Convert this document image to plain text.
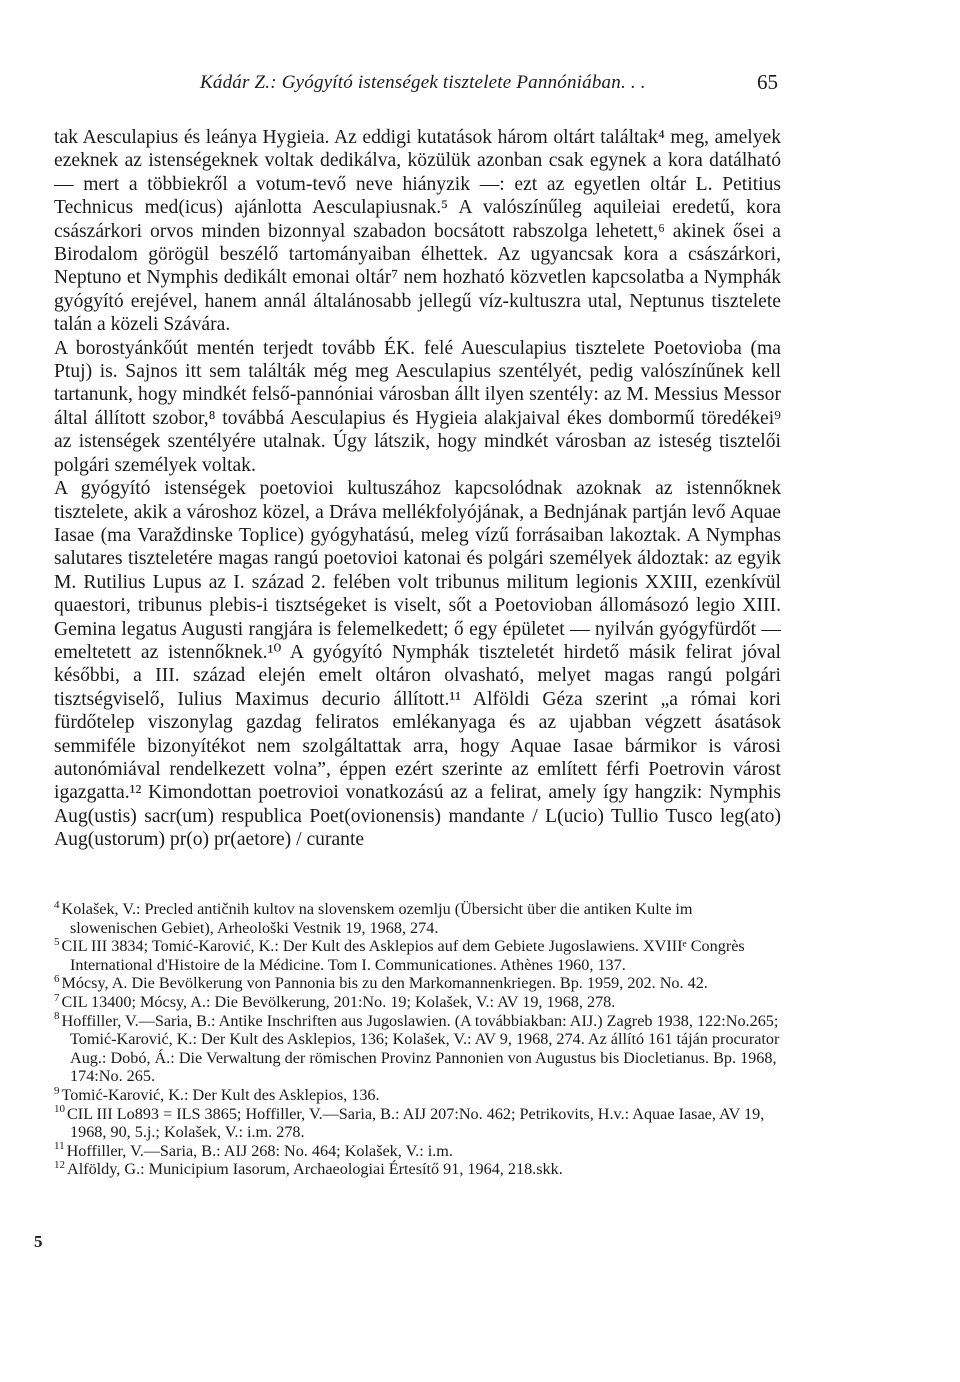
Kádár Z.: Gyógyító istenségek tisztelete Pannóniában. . .	65

tak Aesculapius és leánya Hygieia. Az eddigi kutatások három oltárt találtak⁴ meg, amelyek ezeknek az istenségeknek voltak dedikálva, közülük azonban csak egynek a kora datálható — mert a többiekről a votum-tevő neve hiányzik —: ezt az egyetlen oltár L. Petitius Technicus med(icus) ajánlotta Aesculapiusnak.⁵ A valószínűleg aquileiai eredetű, kora császárkori orvos minden bizonnyal szabadon bocsátott rabszolga lehetett,⁶ akinek ősei a Birodalom görögül beszélő tartományaiban élhettek. Az ugyancsak kora a császárkori, Neptuno et Nymphis dedikált emonai oltár⁷ nem hozható közvetlen kapcsolatba a Nymphák gyógyító erejével, hanem annál általánosabb jellegű víz-kultuszra utal, Neptunus tisztelete talán a közeli Szávára.

A borostyánkőút mentén terjedt tovább ÉK. felé Auesculapius tisztelete Poetovioba (ma Ptuj) is. Sajnos itt sem találták még meg Aesculapius szentélyét, pedig valószínűnek kell tartanunk, hogy mindkét felső-pannóniai városban állt ilyen szentély: az M. Messius Messor által állított szobor,⁸ továbbá Aesculapius és Hygieia alakjaival ékes dombormű töredékei⁹ az istenségek szentélyére utalnak. Úgy látszik, hogy mindkét városban az isteség tisztelői polgári személyek voltak.

A gyógyító istenségek poetovioi kultuszához kapcsolódnak azoknak az istennőknek tisztelete, akik a városhoz közel, a Dráva mellékfolyójának, a Bednjának partján levő Aquae Iasae (ma Varaždinske Toplice) gyógyhatású, meleg vízű forrásaiban lakoztak. A Nymphas salutares tiszteletére magas rangú poetovioi katonai és polgári személyek áldoztak: az egyik M. Rutilius Lupus az I. század 2. felében volt tribunus militum legionis XXIII, ezenkívül quaestori, tribunus plebis-i tisztségeket is viselt, sőt a Poetovioban állomásozó legio XIII. Gemina legatus Augusti rangjára is felemelkedett; ő egy épületet — nyilván gyógyfürdőt — emeltetett az istennőknek.¹⁰ A gyógyító Nymphák tiszteletét hirdető másik felirat jóval későbbi, a III. század elején emelt oltáron olvasható, melyet magas rangú polgári tisztségviselő, Iulius Maximus decurio állított.¹¹ Alföldi Géza szerint „a római kori fürdőtelep viszonylag gazdag feliratos emlékanyaga és az ujabban végzett ásatások semmiféle bizonyítékot nem szolgáltattak arra, hogy Aquae Iasae bármikor is városi autonómiával rendelkezett volna”, éppen ezért szerinte az említett férfi Poetrovin várost igazgatta.¹² Kimondottan poetrovioi vonatkozású az a felirat, amely így hangzik: Nymphis Aug(ustis) sacr(um) respublica Poet(ovionensis) mandante / L(ucio) Tullio Tusco leg(ato) Aug(ustorum) pr(o) pr(aetore) / curante

$^4$ Kolašek, V.: Precled antičnih kultov na slovenskem ozemlju (Übersicht über die antiken Kulte im slowenischen Gebiet), Arheološki Vestnik 19, 1968, 274.

$^5$ CIL III 3834; Tomić-Karović, K.: Der Kult des Asklepios auf dem Gebiete Jugoslawiens. XVIIIᵉ Congrès International d'Histoire de la Médicine. Tom I. Communicationes. Athènes 1960, 137.

$^6$ Mócsy, A. Die Bevölkerung von Pannonia bis zu den Markomannenkriegen. Bp. 1959, 202. No. 42.

$^7$ CIL 13400; Mócsy, A.: Die Bevölkerung, 201:No. 19; Kolašek, V.: AV 19, 1968, 278.

$^8$ Hoffiller, V.—Saria, B.: Antike Inschriften aus Jugoslawien. (A továbbiakban: AIJ.) Zagreb 1938, 122:No.265; Tomić-Karović, K.: Der Kult des Asklepios, 136; Kolašek, V.: AV 9, 1968, 274. Az állító 161 táján procurator Aug.: Dobó, Á.: Die Verwaltung der römischen Provinz Pannonien von Augustus bis Diocletianus. Bp. 1968, 174:No. 265.

$^9$ Tomić-Karović, K.: Der Kult des Asklepios, 136.

$^{10}$ CIL III Lo893 = ILS 3865; Hoffiller, V.—Saria, B.: AIJ 207:No. 462; Petrikovits, H.v.: Aquae Iasae, AV 19, 1968, 90, 5.j.; Kolašek, V.: i.m. 278.

$^{11}$ Hoffiller, V.—Saria, B.: AIJ 268: No. 464; Kolašek, V.: i.m.

$^{12}$ Alföldy, G.: Municipium Iasorum, Archaeologiai Értesítő 91, 1964, 218.skk.

5
